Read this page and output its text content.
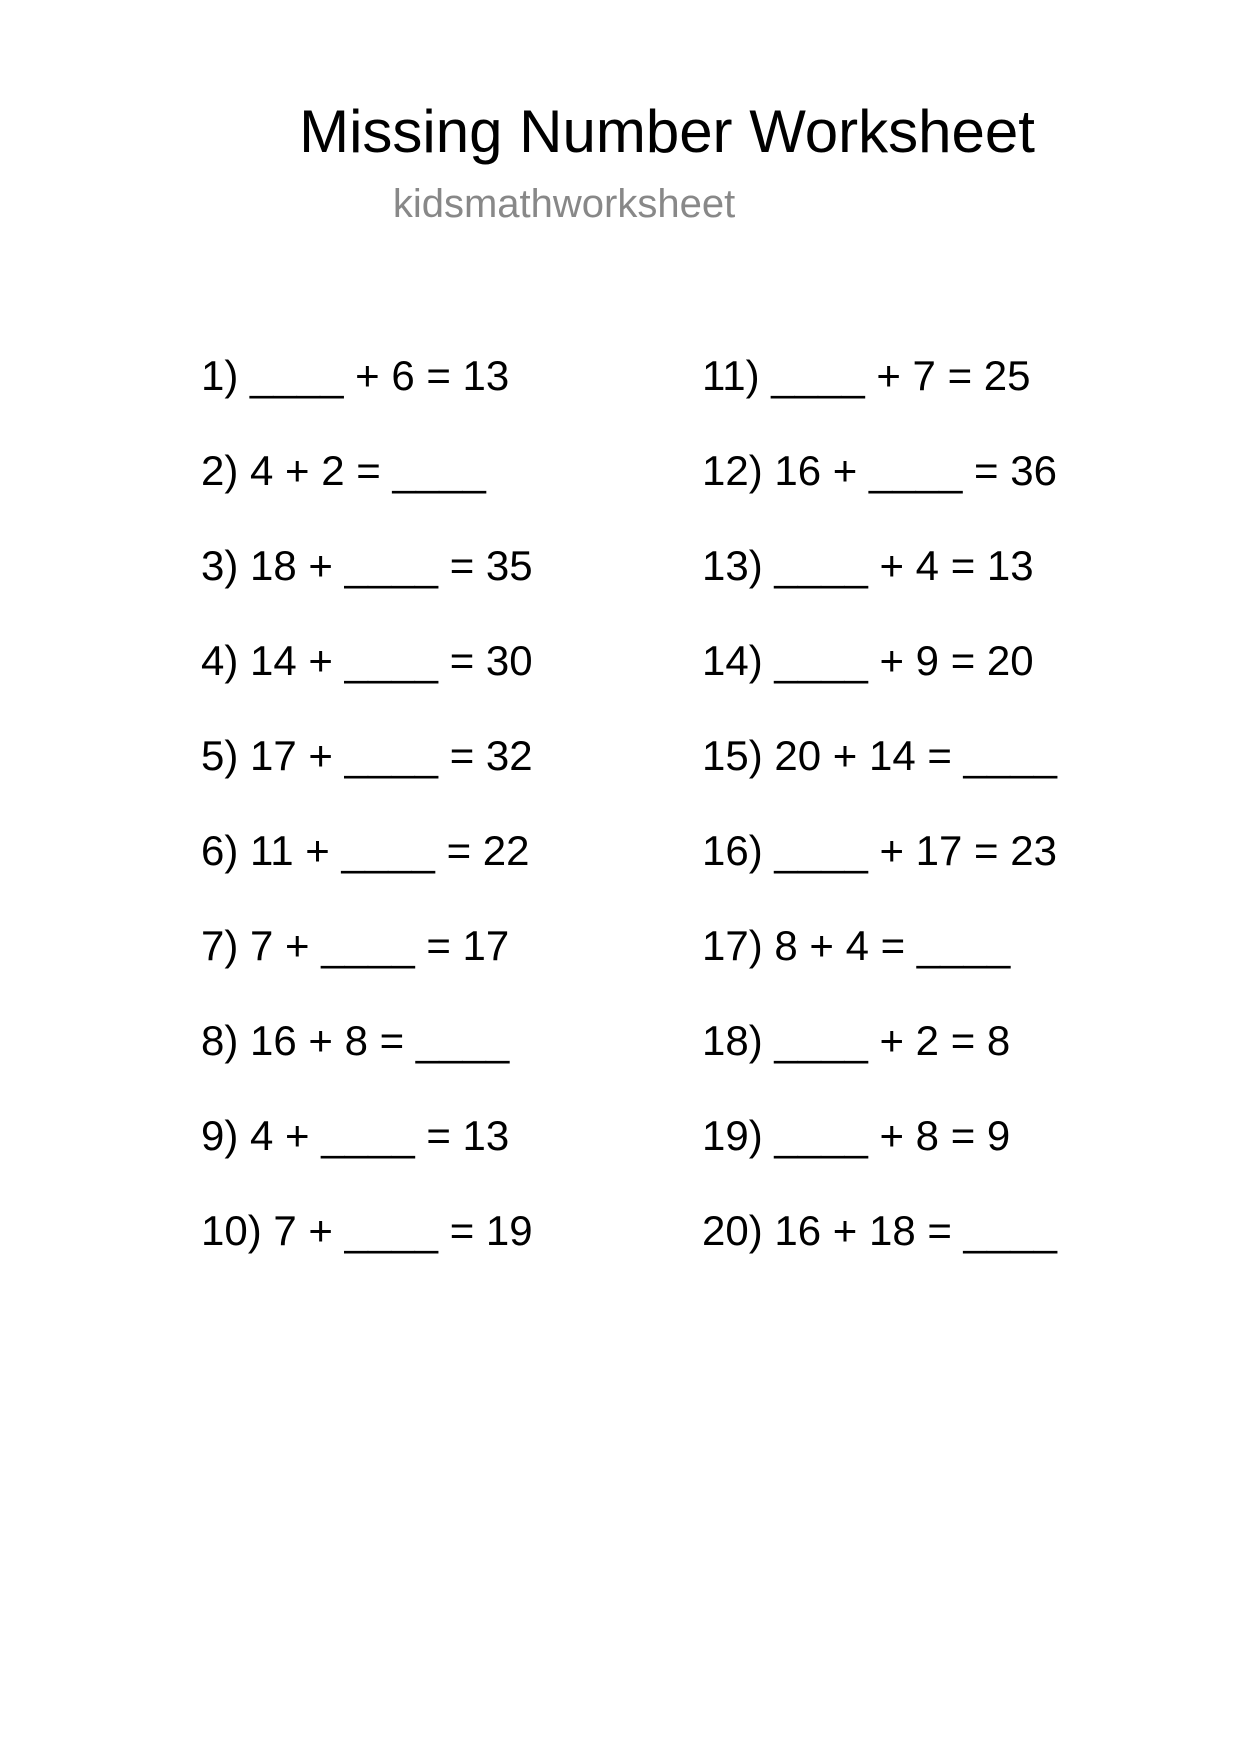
Missing Number Worksheet
kidsmathworksheet
1) ____ + 6 = 13
2) 4 + 2 = ____
3) 18 + ____ = 35
4) 14 + ____ = 30
5) 17 + ____ = 32
6) 11 + ____ = 22
7) 7 + ____ = 17
8) 16 + 8 = ____
9) 4 + ____ = 13
10) 7 + ____ = 19
11) ____ + 7 = 25
12) 16 + ____ = 36
13) ____ + 4 = 13
14) ____ + 9 = 20
15) 20 + 14 = ____
16) ____ + 17 = 23
17) 8 + 4 = ____
18) ____ + 2 = 8
19) ____ + 8 = 9
20) 16 + 18 = ____
